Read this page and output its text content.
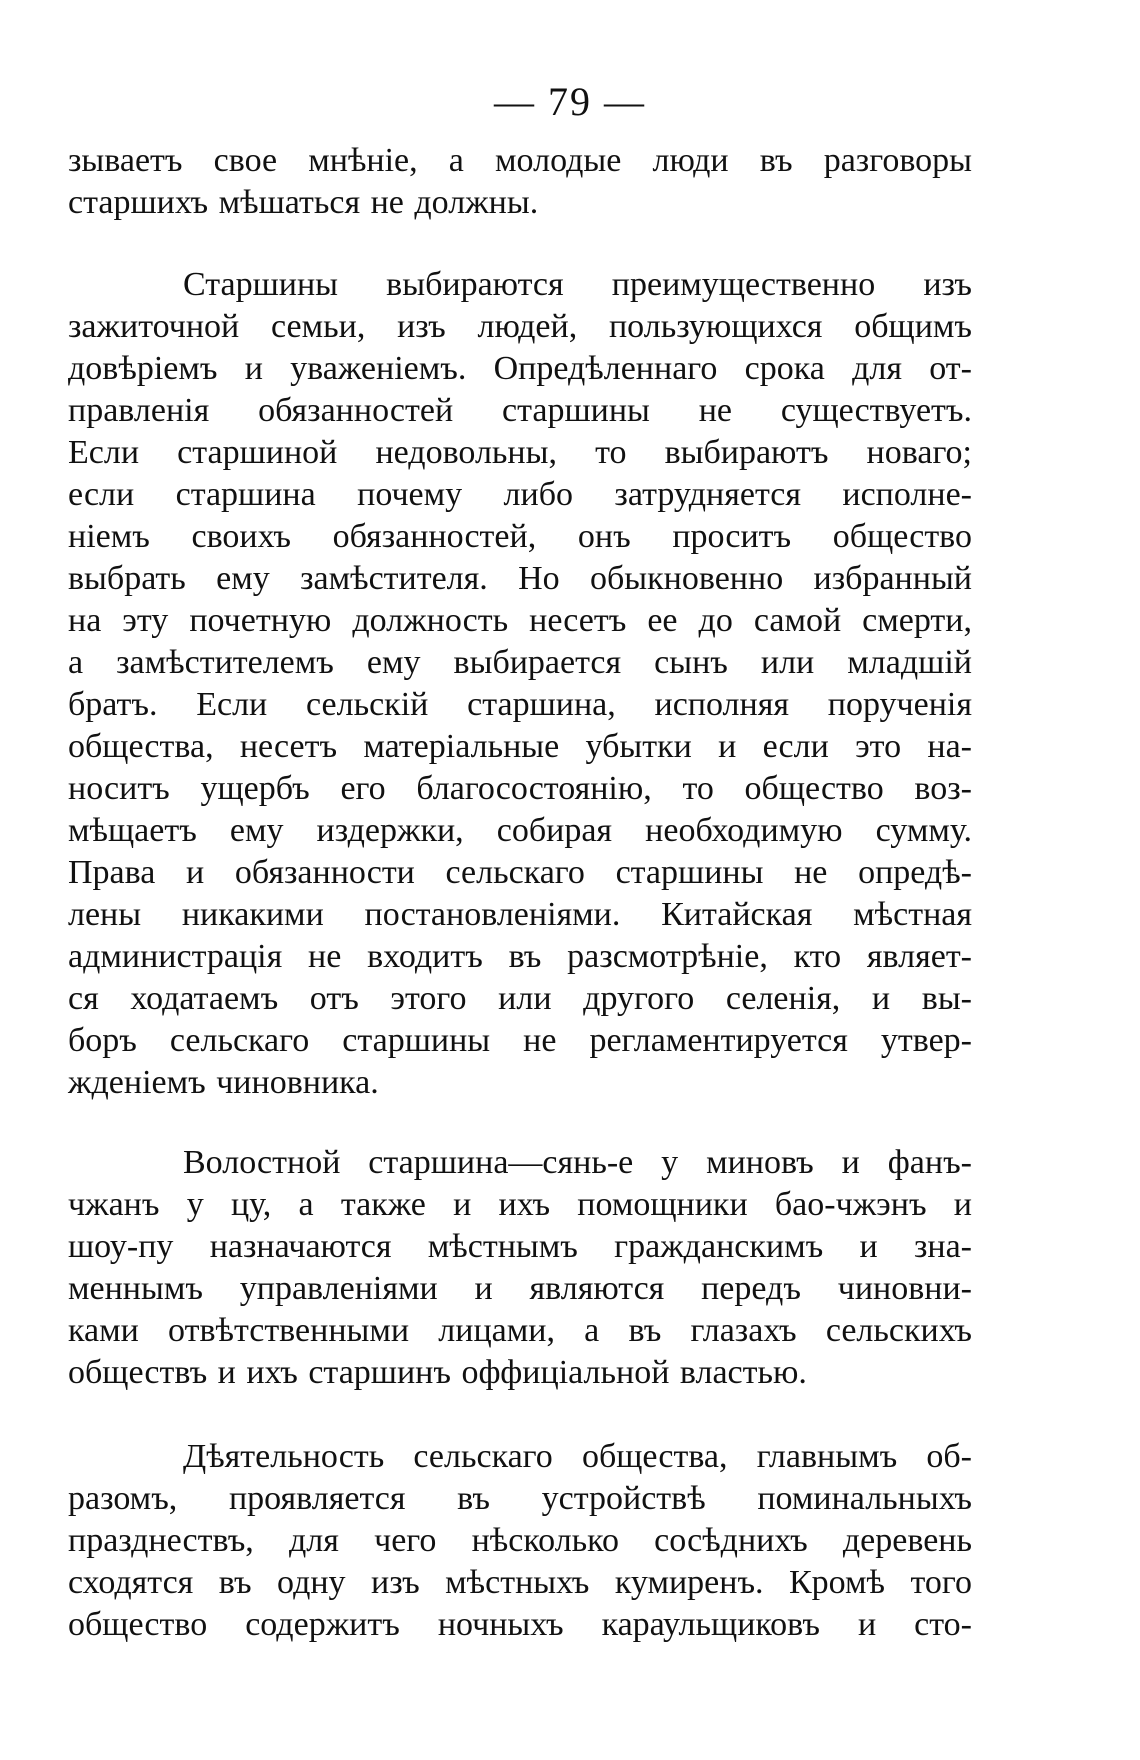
— 79 —
зываетъ свое мнѣніе, а молодые люди въ разговоры
старшихъ мѣшаться не должны.
Старшины выбираются преимущественно изъ
зажиточной семьи, изъ людей, пользующихся общимъ
довѣріемъ и уваженіемъ. Опредѣленнаго срока для от-
правленія обязанностей старшины не существуетъ.
Если старшиной недовольны, то выбираютъ новаго;
если старшина почему либо затрудняется исполне-
ніемъ своихъ обязанностей, онъ проситъ общество
выбрать ему замѣстителя. Но обыкновенно избранный
на эту почетную должность несетъ ее до самой смерти,
а замѣстителемъ ему выбирается сынъ или младшій
братъ. Если сельскій старшина, исполняя порученія
общества, несетъ матеріальные убытки и если это на-
носитъ ущербъ его благосостоянію, то общество воз-
мѣщаетъ ему издержки, собирая необходимую сумму.
Права и обязанности сельскаго старшины не опредѣ-
лены никакими постановленіями. Китайская мѣстная
администрація не входитъ въ разсмотрѣніе, кто являет-
ся ходатаемъ отъ этого или другого селенія, и вы-
боръ сельскаго старшины не регламентируется утвер-
жденіемъ чиновника.
Волостной старшина—сянь-е у миновъ и фанъ-
чжанъ у цу, а также и ихъ помощники бао-чжэнъ и
шоу-пу назначаются мѣстнымъ гражданскимъ и зна-
меннымъ управленіями и являются передъ чиновни-
ками отвѣтственными лицами, а въ глазахъ сельскихъ
обществъ и ихъ старшинъ оффиціальной властью.
Дѣятельность сельскаго общества, главнымъ об-
разомъ, проявляется въ устройствѣ поминальныхъ
празднествъ, для чего нѣсколько сосѣднихъ деревень
сходятся въ одну изъ мѣстныхъ кумиренъ. Кромѣ того
общество содержитъ ночныхъ караульщиковъ и сто-
